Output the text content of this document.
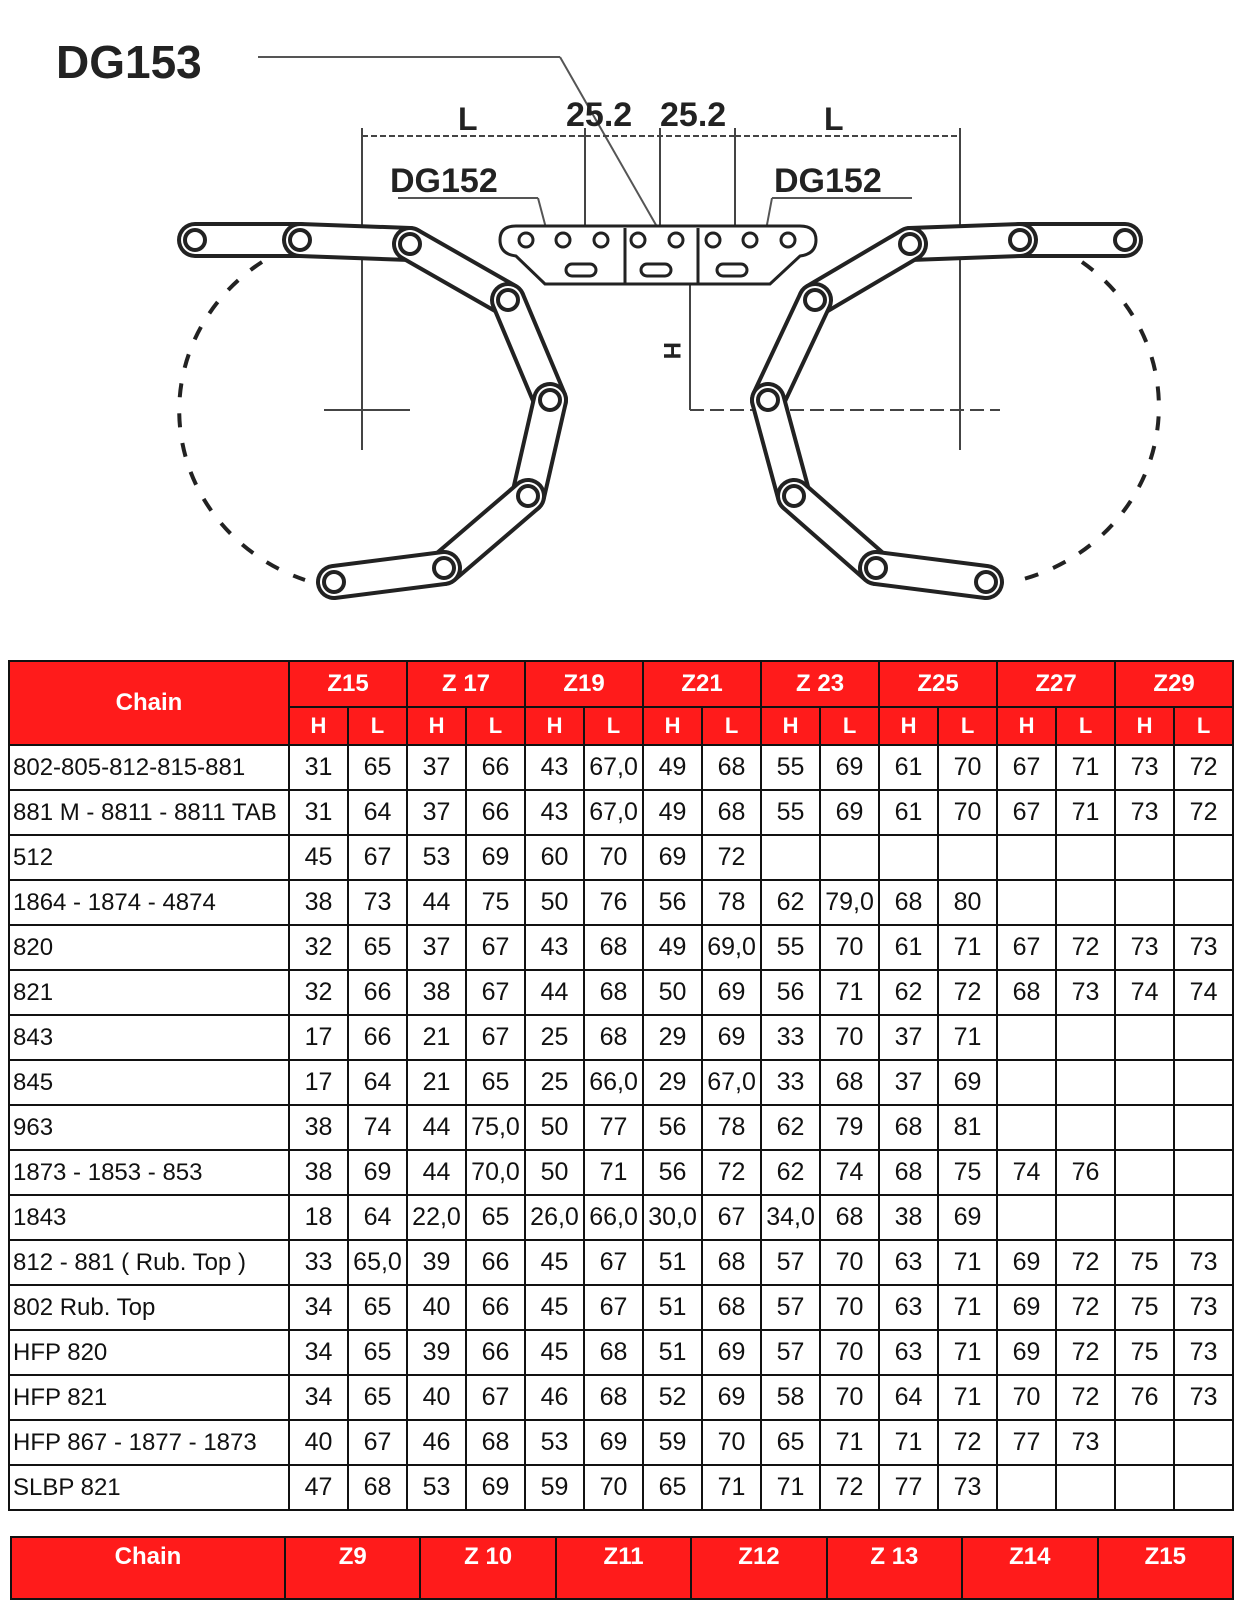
DG153
L	25.2 25.2	L
DG152	DG152
H
Chain	Z15		Z 17		Z19		Z21		Z 23		Z25		Z27		Z29	
	H	L	H	L	H	L	H	L	H	L	H	L	H	L	H	L
802-805-812-815-881	31	65	37	66	43	67,0	49	68	55	69	61	70	67	71	73	72
881 M - 8811 - 8811 TAB	31	64	37	66	43	67,0	49	68	55	69	61	70	67	71	73	72
512	45	67	53	69	60	70	69	72								
1864 - 1874 - 4874	38	73	44	75	50	76	56	78	62	79,0	68	80				
820	32	65	37	67	43	68	49	69,0	55	70	61	71	67	72	73	73
821	32	66	38	67	44	68	50	69	56	71	62	72	68	73	74	74
843	17	66	21	67	25	68	29	69	33	70	37	71				
845	17	64	21	65	25	66,0	29	67,0	33	68	37	69				
963	38	74	44	75,0	50	77	56	78	62	79	68	81				
1873 - 1853 - 853	38	69	44	70,0	50	71	56	72	62	74	68	75	74	76		
1843	18	64	22,0	65	26,0	66,0	30,0	67	34,0	68	38	69				
812 - 881 ( Rub. Top )	33	65,0	39	66	45	67	51	68	57	70	63	71	69	72	75	73
802 Rub. Top	34	65	40	66	45	67	51	68	57	70	63	71	69	72	75	73
HFP 820	34	65	39	66	45	68	51	69	57	70	63	71	69	72	75	73
HFP 821	34	65	40	67	46	68	52	69	58	70	64	71	70	72	76	73
HFP 867 - 1877 - 1873	40	67	46	68	53	69	59	70	65	71	71	72	77	73		
SLBP 821	47	68	53	69	59	70	65	71	71	72	77	73				
Chain	Z9	Z 10	Z11	Z12	Z 13	Z14	Z15
